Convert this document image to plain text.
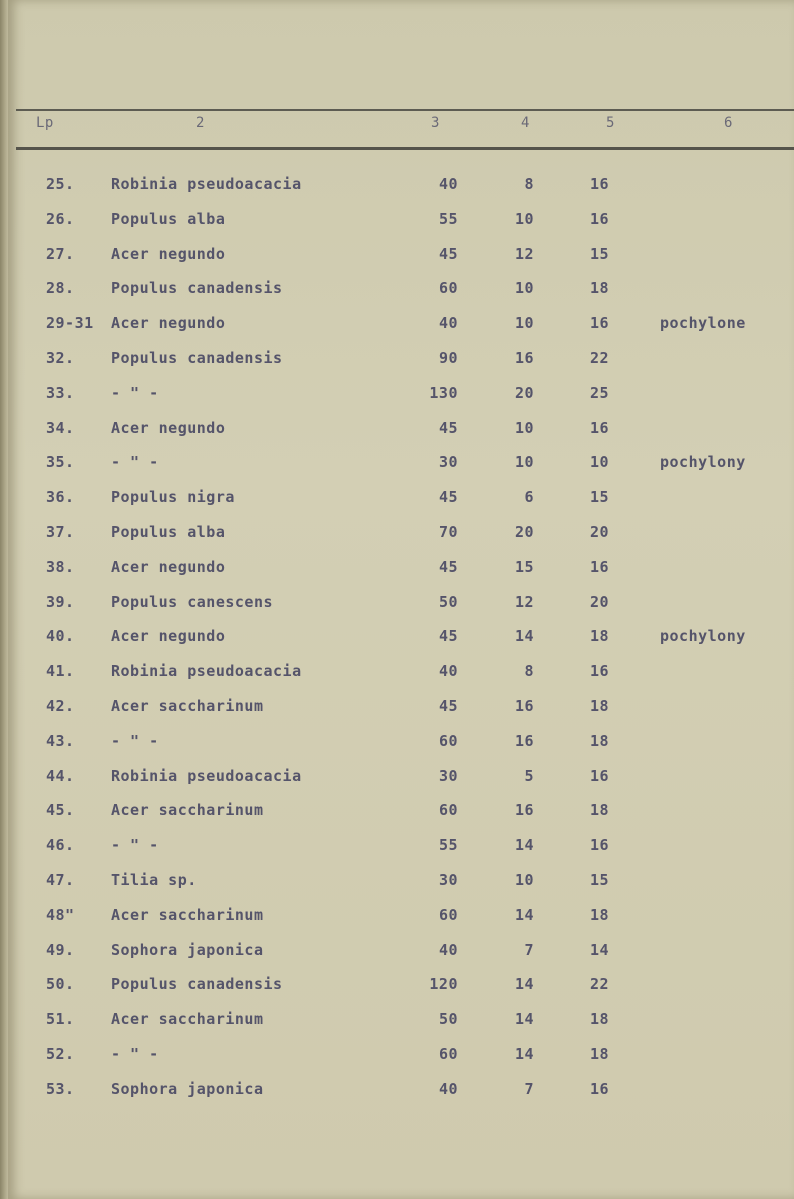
Lp	2	3	4	5	6
25. Robinia pseudoacacia	40	8	16
26. Populus alba	55	10	16
27. Acer negundo	45	12	15
28. Populus canadensis	60	10	18
29-31 Acer negundo	40	10	16	pochylone
32. Populus canadensis	90	16	22
33. - " -	130	20	25
34. Acer negundo	45	10	16
35. - " -	30	10	10	pochylony
36. Populus nigra	45	6	15
37. Populus alba	70	20	20
38. Acer negundo	45	15	16
39. Populus canescens	50	12	20
40. Acer negundo	45	14	18	pochylony
41. Robinia pseudoacacia	40	8	16
42. Acer saccharinum	45	16	18
43. - " -	60	16	18
44. Robinia pseudoacacia	30	5	16
45. Acer saccharinum	60	16	18
46. - " -	55	14	16
47. Tilia sp.	30	10	15
48" Acer saccharinum	60	14	18
49. Sophora japonica	40	7	14
50. Populus canadensis	120	14	22
51. Acer saccharinum	50	14	18
52. - " -	60	14	18
53. Sophora japonica	40	7	16
